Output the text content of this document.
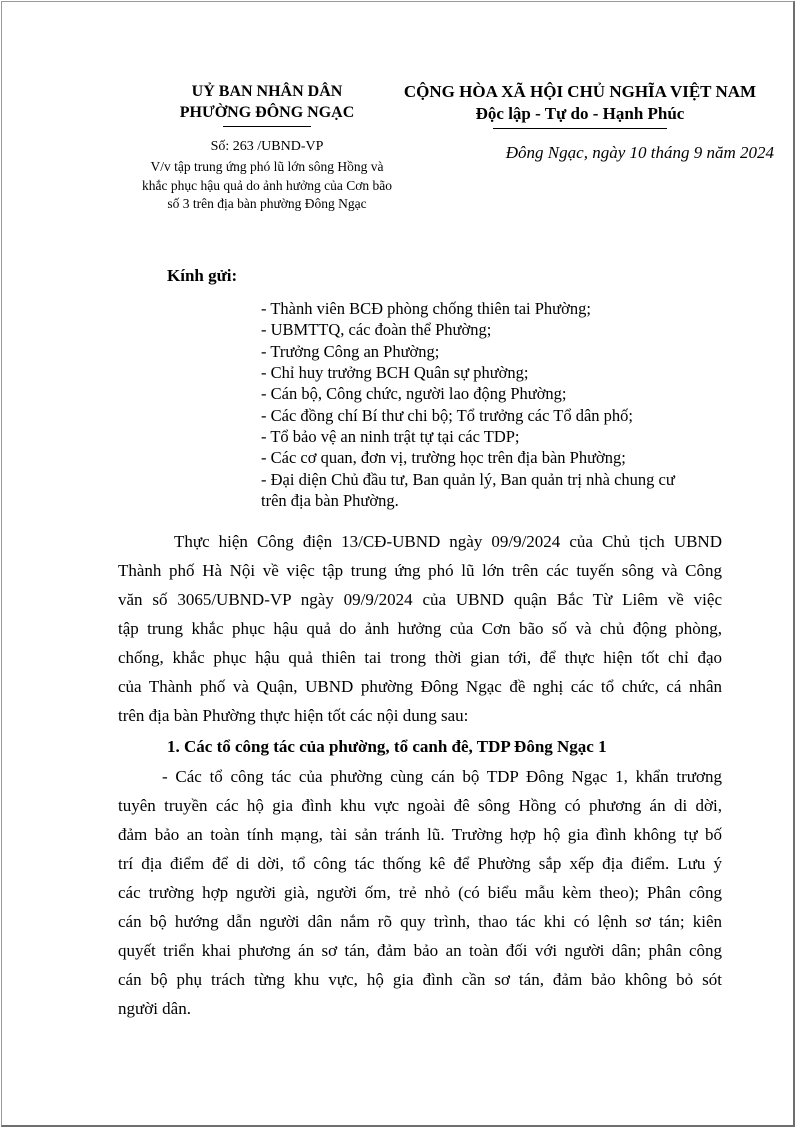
UỶ BAN NHÂN DÂN
PHƯỜNG ĐÔNG NGẠC
CỘNG HÒA XÃ HỘI CHỦ NGHĨA VIỆT NAM
Độc lập - Tự do - Hạnh Phúc
Số: 263 /UBND-VP
V/v tập trung ứng phó lũ lớn sông Hồng và khắc phục hậu quả do ảnh hưởng của Cơn bão số 3 trên địa bàn phường Đông Ngạc
Đông Ngạc, ngày 10 tháng 9 năm 2024
Kính gửi:
- Thành viên BCĐ phòng chống thiên tai Phường;
- UBMTTQ, các đoàn thể Phường;
- Trưởng Công an Phường;
- Chỉ huy trưởng BCH Quân sự phường;
- Cán bộ, Công chức, người lao động Phường;
- Các đồng chí Bí thư chi bộ; Tổ trưởng các Tổ dân phố;
- Tổ bảo vệ an ninh trật tự tại các TDP;
- Các cơ quan, đơn vị, trường học trên địa bàn Phường;
- Đại diện Chủ đầu tư, Ban quản lý, Ban quản trị nhà chung cư
trên địa bàn Phường.
Thực hiện Công điện 13/CĐ-UBND ngày 09/9/2024 của Chủ tịch UBND
Thành phố Hà Nội về việc tập trung ứng phó lũ lớn trên các tuyến sông và Công
văn số 3065/UBND-VP ngày 09/9/2024 của UBND quận Bắc Từ Liêm về việc
tập trung khắc phục hậu quả do ảnh hưởng của Cơn bão số và chủ động phòng,
chống, khắc phục hậu quả thiên tai trong thời gian tới, để thực hiện tốt chỉ đạo
của Thành phố và Quận, UBND phường Đông Ngạc đề nghị các tổ chức, cá nhân
trên địa bàn Phường thực hiện tốt các nội dung sau:
1. Các tổ công tác của phường, tổ canh đê, TDP Đông Ngạc 1
- Các tổ công tác của phường cùng cán bộ TDP Đông Ngạc 1, khẩn trương
tuyên truyền các hộ gia đình khu vực ngoài đê sông Hồng có phương án di dời,
đảm bảo an toàn tính mạng, tài sản tránh lũ. Trường hợp hộ gia đình không tự bố
trí địa điểm để di dời, tổ công tác thống kê để Phường sắp xếp địa điểm. Lưu ý
các trường hợp người già, người ốm, trẻ nhỏ (có biểu mẫu kèm theo); Phân công
cán bộ hướng dẫn người dân nắm rõ quy trình, thao tác khi có lệnh sơ tán; kiên
quyết triển khai phương án sơ tán, đảm bảo an toàn đối với người dân; phân công
cán bộ phụ trách từng khu vực, hộ gia đình cần sơ tán, đảm bảo không bỏ sót
người dân.
